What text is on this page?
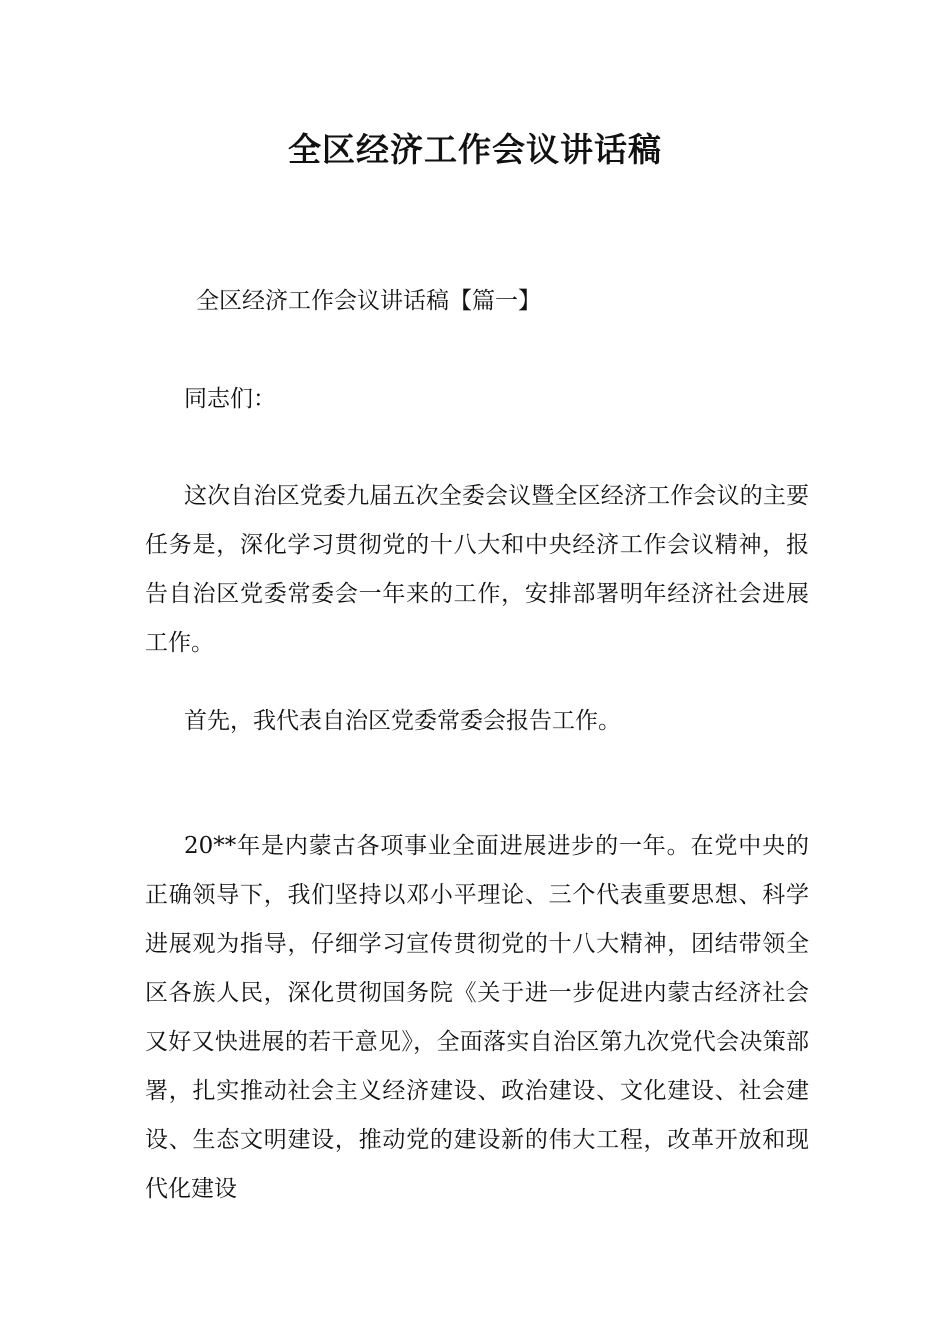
全区经济工作会议讲话稿

全区经济工作会议讲话稿【篇一】

同志们：

这次自治区党委九届五次全委会议暨全区经济工作会议的主要任务是，深化学习贯彻党的十八大和中央经济工作会议精神，报告自治区党委常委会一年来的工作，安排部署明年经济社会进展工作。

首先，我代表自治区党委常委会报告工作。

20**年是内蒙古各项事业全面进展进步的一年。在党中央的正确领导下，我们坚持以邓小平理论、三个代表重要思想、科学进展观为指导，仔细学习宣传贯彻党的十八大精神，团结带领全区各族人民，深化贯彻国务院《关于进一步促进内蒙古经济社会又好又快进展的若干意见》，全面落实自治区第九次党代会决策部署，扎实推动社会主义经济建设、政治建设、文化建设、社会建设、生态文明建设，推动党的建设新的伟大工程，改革开放和现代化建设
